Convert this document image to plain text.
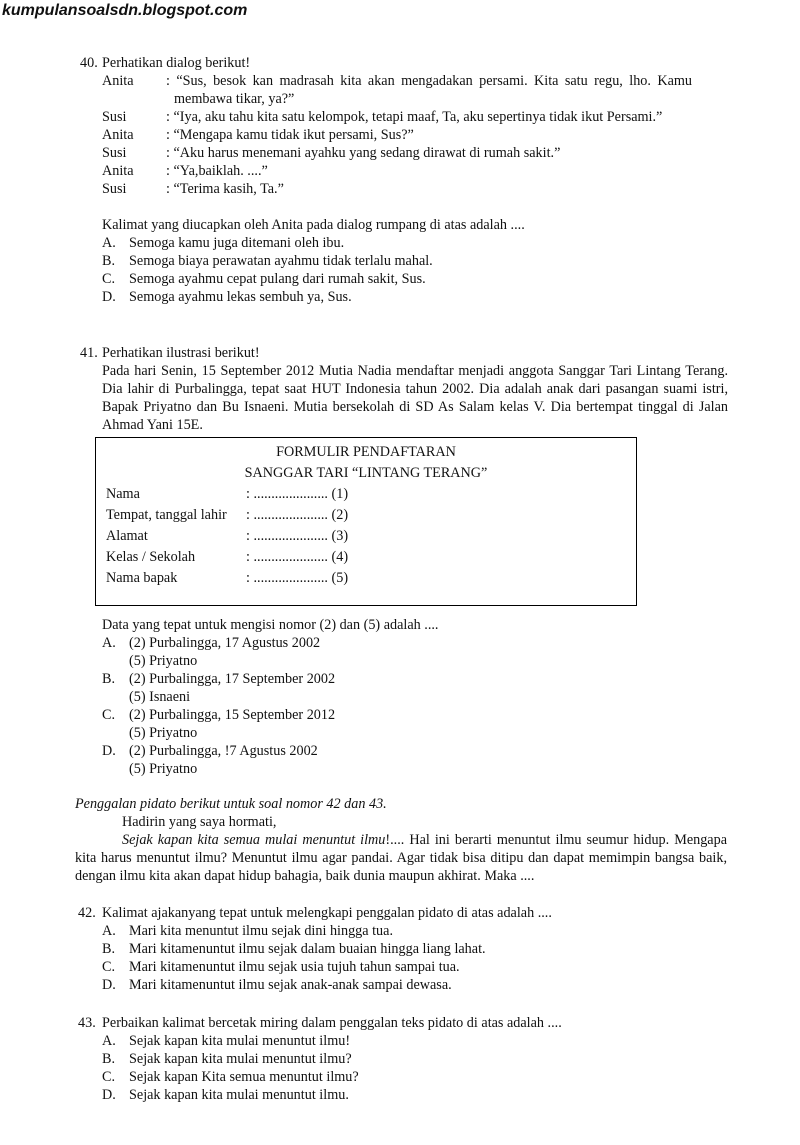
kumpulansoalsdn.blogspot.com
40. Perhatikan dialog berikut!
Anita	: “Sus, besok kan madrasah kita akan mengadakan persami. Kita satu regu, lho. Kamu membawa tikar, ya?”
Susi	: “Iya, aku tahu kita satu kelompok, tetapi maaf, Ta, aku sepertinya tidak ikut Persami.”
Anita	: “Mengapa kamu tidak ikut persami, Sus?”
Susi	: “Aku harus menemani ayahku yang sedang dirawat di rumah sakit.”
Anita	: “Ya,baiklah. ....”
Susi	: “Terima kasih, Ta.”
Kalimat yang diucapkan oleh Anita pada dialog rumpang di atas adalah ....
A. Semoga kamu juga ditemani oleh ibu.
B. Semoga biaya perawatan ayahmu tidak terlalu mahal.
C. Semoga ayahmu cepat pulang dari rumah sakit, Sus.
D. Semoga ayahmu lekas sembuh ya, Sus.
41. Perhatikan ilustrasi berikut!
Pada hari Senin, 15 September 2012 Mutia Nadia mendaftar menjadi anggota Sanggar Tari Lintang Terang. Dia lahir di Purbalingga, tepat saat HUT Indonesia tahun 2002. Dia adalah anak dari pasangan suami istri, Bapak Priyatno dan Bu Isnaeni. Mutia bersekolah di SD As Salam kelas V. Dia bertempat tinggal di Jalan Ahmad Yani 15E.
FORMULIR PENDAFTARAN
SANGGAR TARI “LINTANG TERANG”
Nama	: ..................... (1)
Tempat, tanggal lahir	: ..................... (2)
Alamat	: ..................... (3)
Kelas / Sekolah	: ..................... (4)
Nama bapak	: ..................... (5)
Data yang tepat untuk mengisi nomor (2) dan (5) adalah ....
A. (2) Purbalingga, 17 Agustus 2002
(5) Priyatno
B. (2) Purbalingga, 17 September 2002
(5) Isnaeni
C. (2) Purbalingga, 15 September 2012
(5) Priyatno
D. (2) Purbalingga, !7 Agustus 2002
(5) Priyatno
Penggalan pidato berikut untuk soal nomor 42 dan 43.
Hadirin yang saya hormati,
Sejak kapan kita semua mulai menuntut ilmu!.... Hal ini berarti menuntut ilmu seumur hidup. Mengapa kita harus menuntut ilmu? Menuntut ilmu agar pandai. Agar tidak bisa ditipu dan dapat memimpin bangsa baik, dengan ilmu kita akan dapat hidup bahagia, baik dunia maupun akhirat. Maka ....
42. Kalimat ajakanyang tepat untuk melengkapi penggalan pidato di atas adalah ....
A. Mari kita menuntut ilmu sejak dini hingga tua.
B. Mari kitamenuntut ilmu sejak dalam buaian hingga liang lahat.
C. Mari kitamenuntut ilmu sejak usia tujuh tahun sampai tua.
D. Mari kitamenuntut ilmu sejak anak-anak sampai dewasa.
43. Perbaikan kalimat bercetak miring dalam penggalan teks pidato di atas adalah ....
A. Sejak kapan kita mulai menuntut ilmu!
B. Sejak kapan kita mulai menuntut ilmu?
C. Sejak kapan Kita semua menuntut ilmu?
D. Sejak kapan kita mulai menuntut ilmu.
